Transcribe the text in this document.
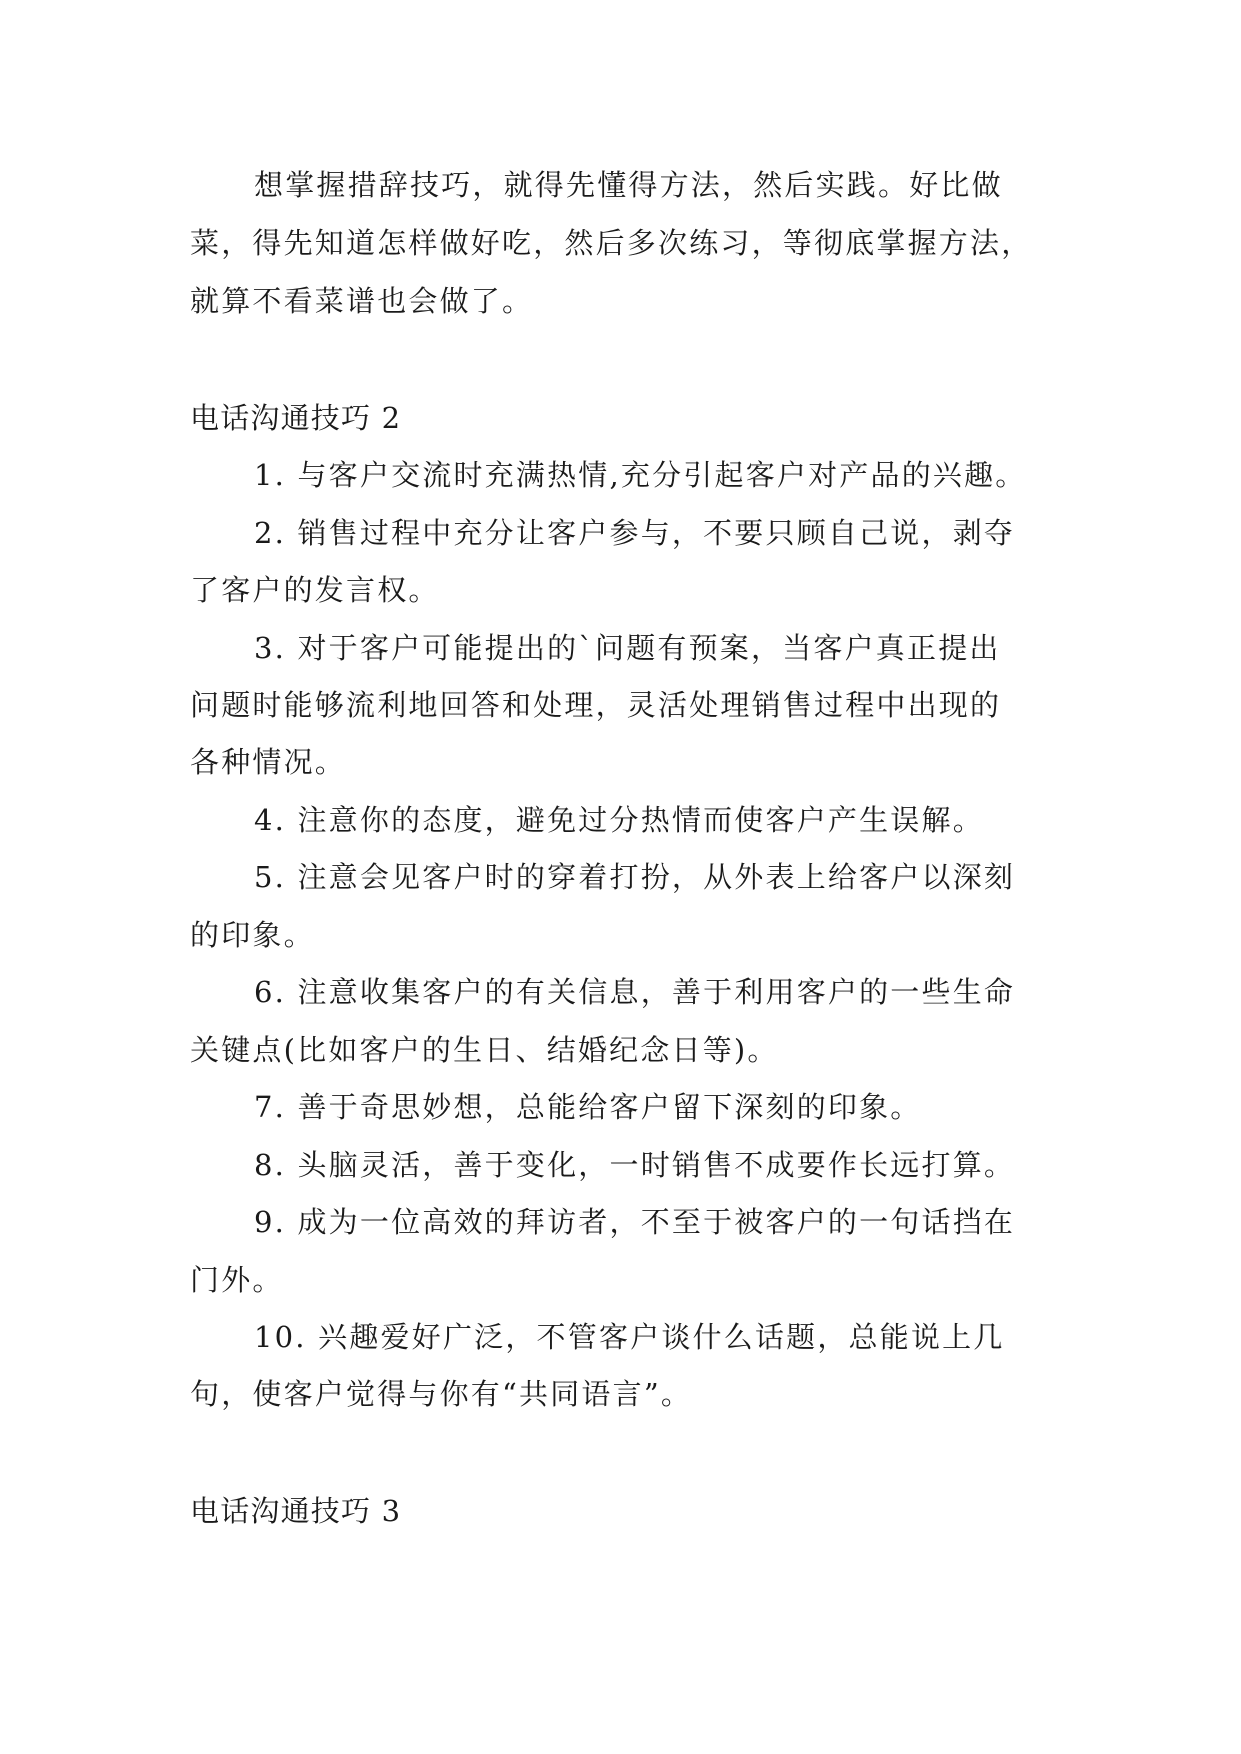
想掌握措辞技巧，就得先懂得方法，然后实践。好比做
菜，得先知道怎样做好吃，然后多次练习，等彻底掌握方法，
就算不看菜谱也会做了。
电话沟通技巧 2
1. 与客户交流时充满热情,充分引起客户对产品的兴趣。
2. 销售过程中充分让客户参与，不要只顾自己说，剥夺
了客户的发言权。
3. 对于客户可能提出的`问题有预案，当客户真正提出
问题时能够流利地回答和处理，灵活处理销售过程中出现的
各种情况。
4. 注意你的态度，避免过分热情而使客户产生误解。
5. 注意会见客户时的穿着打扮，从外表上给客户以深刻
的印象。
6. 注意收集客户的有关信息，善于利用客户的一些生命
关键点(比如客户的生日、结婚纪念日等)。
7. 善于奇思妙想，总能给客户留下深刻的印象。
8. 头脑灵活，善于变化，一时销售不成要作长远打算。
9. 成为一位高效的拜访者，不至于被客户的一句话挡在
门外。
10. 兴趣爱好广泛，不管客户谈什么话题，总能说上几
句，使客户觉得与你有“共同语言”。
电话沟通技巧 3
